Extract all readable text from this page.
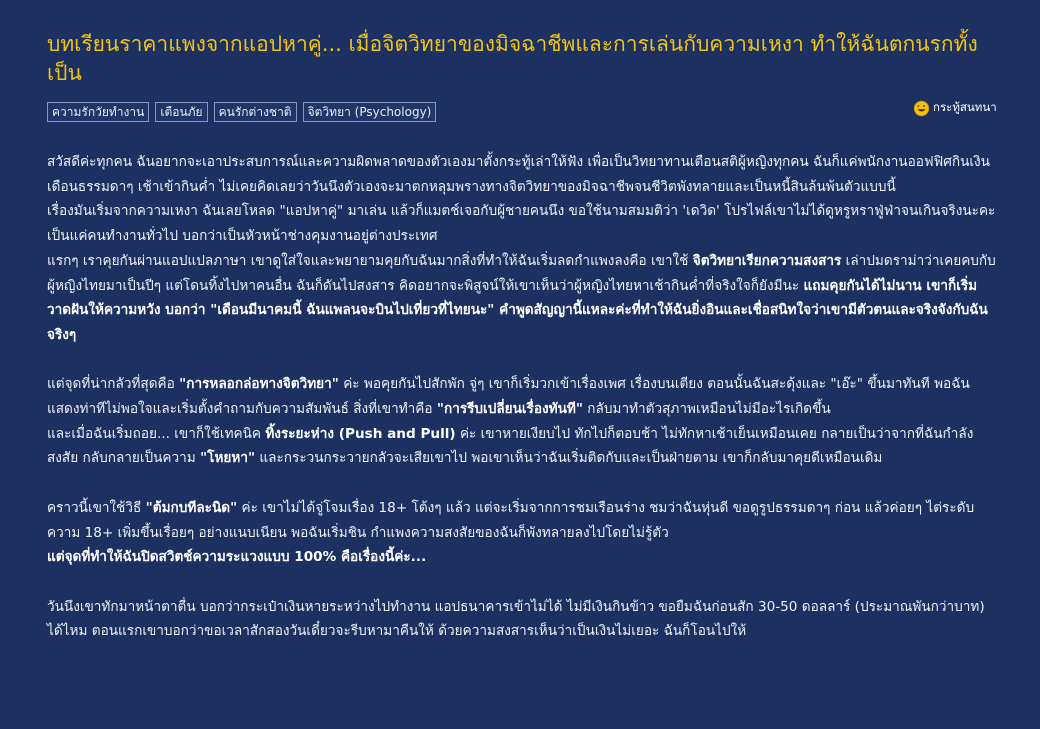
บทเรียนราคาแพงจากแอปหาคู่... เมื่อจิตวิทยาของมิจฉาชีพและการเล่นกับความเหงา ทำให้ฉันตกนรกทั้งเป็น
ความรักวัยทำงาน	เตือนภัย	คนรักต่างชาติ	จิตวิทยา (Psychology)	กระทู้สนทนา

สวัสดีค่ะทุกคน ฉันอยากจะเอาประสบการณ์และความผิดพลาดของตัวเองมาตั้งกระทู้เล่าให้ฟัง เพื่อเป็นวิทยาทานเตือนสติผู้หญิงทุกคน ฉันก็แค่พนักงานออฟฟิศกินเงินเดือนธรรมดาๆ เช้าเข้ากินค่ำ ไม่เคยคิดเลยว่าวันนึงตัวเองจะมาตกหลุมพรางทางจิตวิทยาของมิจฉาชีพจนชีวิตพังทลายและเป็นหนี้สินล้นพ้นตัวแบบนี้
เรื่องมันเริ่มจากความเหงา ฉันเลยโหลด "แอปหาคู่" มาเล่น แล้วก็แมตช์เจอกับผู้ชายคนนึง ขอใช้นามสมมติว่า 'เดวิด' โปรไฟล์เขาไม่ได้ดูหรูหราฟู่ฟ่าจนเกินจริงนะคะ เป็นแค่คนทำงานทั่วไป บอกว่าเป็นหัวหน้าช่างคุมงานอยู่ต่างประเทศ
แรกๆ เราคุยกันผ่านแอปแปลภาษา เขาดูใส่ใจและพยายามคุยกับฉันมากสิ่งที่ทำให้ฉันเริ่มลดกำแพงลงคือ เขาใช้ จิตวิทยาเรียกความสงสาร เล่าปมดราม่าว่าเคยคบกับผู้หญิงไทยมาเป็นปีๆ แต่โดนทิ้งไปหาคนอื่น ฉันก็ดันไปสงสาร คิดอยากจะพิสูจน์ให้เขาเห็นว่าผู้หญิงไทยหาเช้ากินค่ำที่จริงใจก็ยังมีนะ แถมคุยกันได้ไม่นาน เขาก็เริ่มวาดฝันให้ความหวัง บอกว่า "เดือนมีนาคมนี้ ฉันแพลนจะบินไปเที่ยวที่ไทยนะ" คำพูดสัญญานี้แหละค่ะที่ทำให้ฉันยิ่งอินและเชื่อสนิทใจว่าเขามีตัวตนและจริงจังกับฉันจริงๆ

แต่จุดที่น่ากลัวที่สุดคือ "การหลอกล่อทางจิตวิทยา" ค่ะ พอคุยกันไปสักพัก จู่ๆ เขาก็เริ่มวกเข้าเรื่องเพศ เรื่องบนเตียง ตอนนั้นฉันสะดุ้งและ "เอ๊ะ" ขึ้นมาทันที พอฉันแสดงท่าทีไม่พอใจและเริ่มตั้งคำถามกับความสัมพันธ์ สิ่งที่เขาทำคือ "การรีบเปลี่ยนเรื่องทันที" กลับมาทำตัวสุภาพเหมือนไม่มีอะไรเกิดขึ้น
และเมื่อฉันเริ่มถอย... เขาก็ใช้เทคนิค ทิ้งระยะห่าง (Push and Pull) ค่ะ เขาหายเงียบไป ทักไปก็ตอบช้า ไม่ทักหาเช้าเย็นเหมือนเคย กลายเป็นว่าจากที่ฉันกำลังสงสัย กลับกลายเป็นความ "โหยหา" และกระวนกระวายกลัวจะเสียเขาไป พอเขาเห็นว่าฉันเริ่มติดกับและเป็นฝ่ายตาม เขาก็กลับมาคุยดีเหมือนเดิม

คราวนี้เขาใช้วิธี "ต้มกบทีละนิด" ค่ะ เขาไม่ได้จู่โจมเรื่อง 18+ โต้งๆ แล้ว แต่จะเริ่มจากการชมเรือนร่าง ชมว่าฉันหุ่นดี ขอดูรูปธรรมดาๆ ก่อน แล้วค่อยๆ ไต่ระดับความ 18+ เพิ่มขึ้นเรื่อยๆ อย่างแนบเนียน พอฉันเริ่มชิน กำแพงความสงสัยของฉันก็พังทลายลงไปโดยไม่รู้ตัว
แต่จุดที่ทำให้ฉันปิดสวิตช์ความระแวงแบบ 100% คือเรื่องนี้ค่ะ...

วันนึงเขาทักมาหน้าตาตื่น บอกว่ากระเป๋าเงินหายระหว่างไปทำงาน แอปธนาคารเข้าไม่ได้ ไม่มีเงินกินข้าว ขอยืมฉันก่อนสัก 30-50 ดอลลาร์ (ประมาณพันกว่าบาท) ได้ไหม ตอนแรกเขาบอกว่าขอเวลาสักสองวันเดี๋ยวจะรีบหามาคืนให้ ด้วยความสงสารเห็นว่าเป็นเงินไม่เยอะ ฉันก็โอนไปให้
